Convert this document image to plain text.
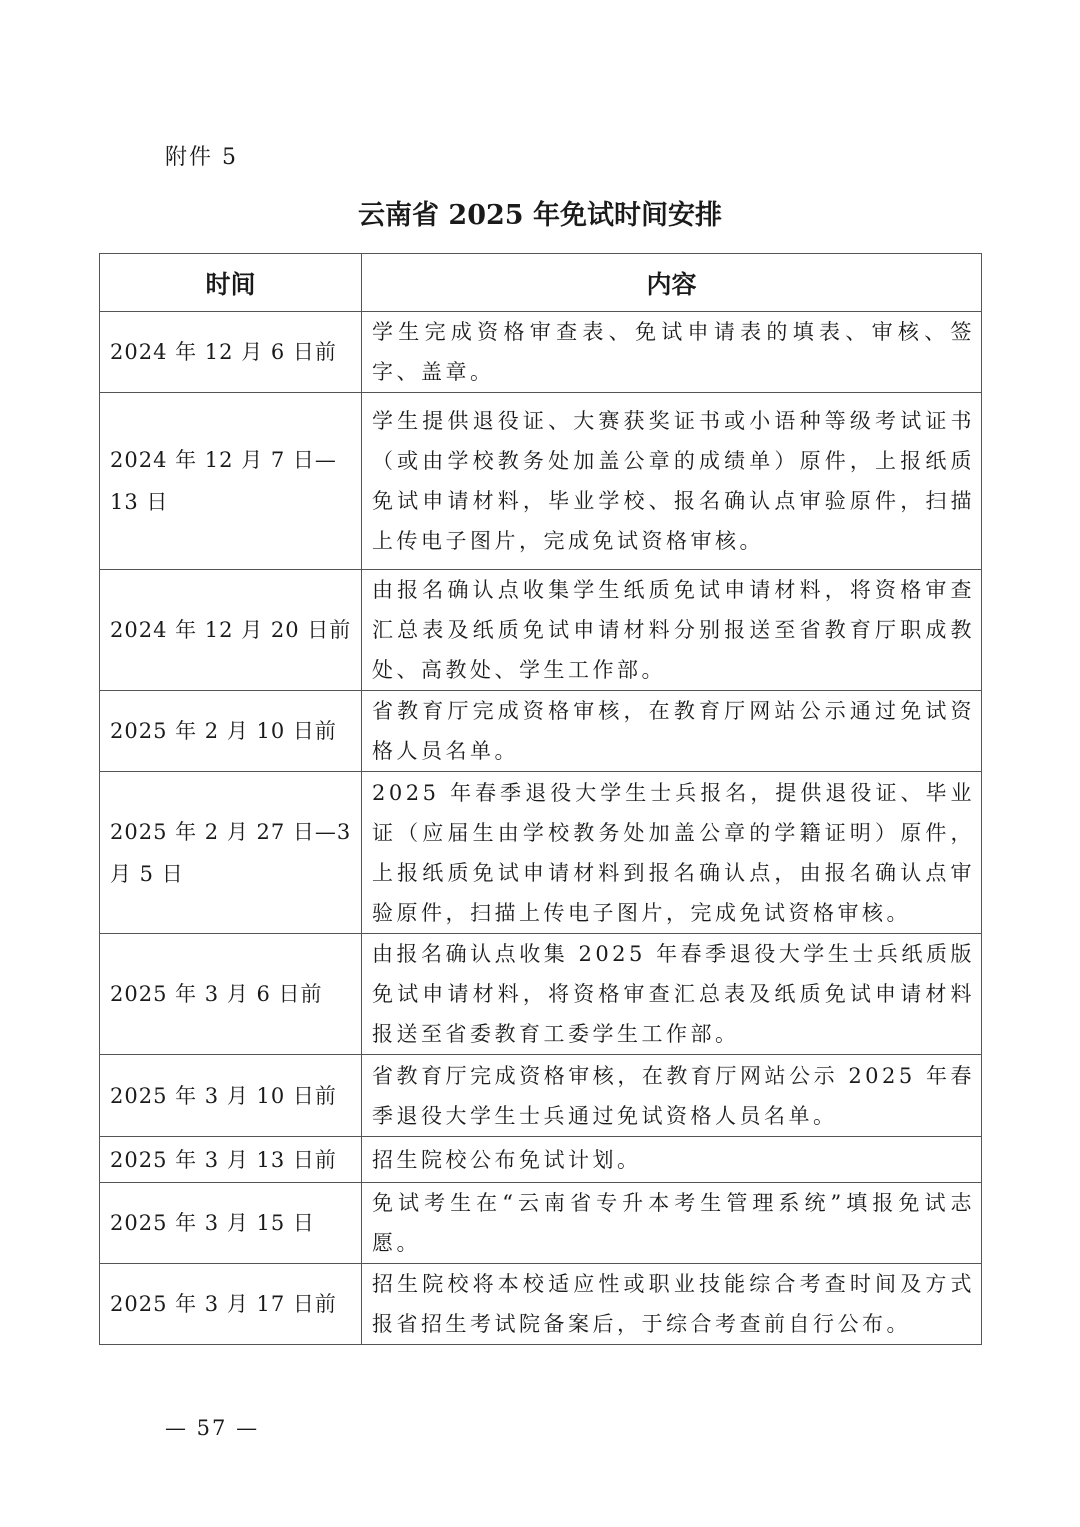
附件 5
云南省 2025 年免试时间安排
时间	内容
2024 年 12 月 6 日前	学生完成资格审查表、免试申请表的填表、审核、签字、盖章。
2024 年 12 月 7 日—13 日	学生提供退役证、大赛获奖证书或小语种等级考试证书（或由学校教务处加盖公章的成绩单）原件，上报纸质免试申请材料，毕业学校、报名确认点审验原件，扫描上传电子图片，完成免试资格审核。
2024 年 12 月 20 日前	由报名确认点收集学生纸质免试申请材料，将资格审查汇总表及纸质免试申请材料分别报送至省教育厅职成教处、高教处、学生工作部。
2025 年 2 月 10 日前	省教育厅完成资格审核，在教育厅网站公示通过免试资格人员名单。
2025 年 2 月 27 日—3 月 5 日	2025 年春季退役大学生士兵报名，提供退役证、毕业证（应届生由学校教务处加盖公章的学籍证明）原件，上报纸质免试申请材料到报名确认点，由报名确认点审验原件，扫描上传电子图片，完成免试资格审核。
2025 年 3 月 6 日前	由报名确认点收集 2025 年春季退役大学生士兵纸质版免试申请材料，将资格审查汇总表及纸质免试申请材料报送至省委教育工委学生工作部。
2025 年 3 月 10 日前	省教育厅完成资格审核，在教育厅网站公示 2025 年春季退役大学生士兵通过免试资格人员名单。
2025 年 3 月 13 日前	招生院校公布免试计划。
2025 年 3 月 15 日	免试考生在“云南省专升本考生管理系统”填报免试志愿。
2025 年 3 月 17 日前	招生院校将本校适应性或职业技能综合考查时间及方式报省招生考试院备案后，于综合考查前自行公布。
— 57 —
